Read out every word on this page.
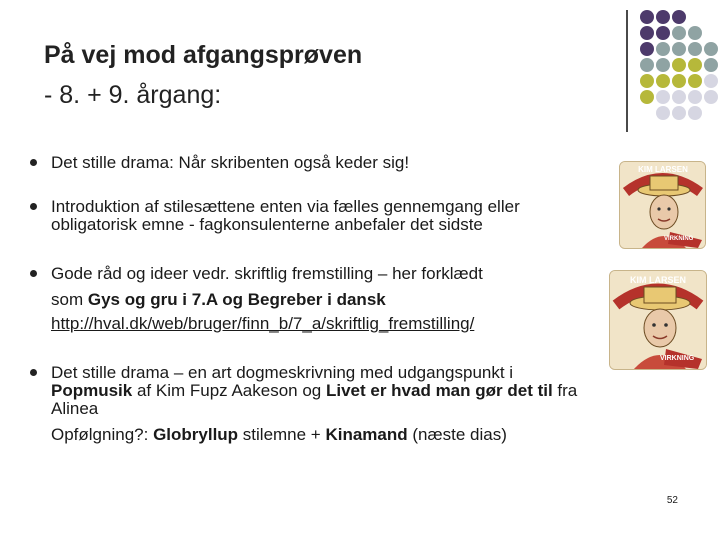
På vej mod afgangsprøven
- 8. + 9. årgang:
Det stille drama: Når skribenten også keder sig!
Introduktion af stilesættene enten via fælles gennemgang eller
obligatorisk emne - fagkonsulenterne anbefaler det sidste
Gode råd og ideer vedr. skriftlig fremstilling – her forklædt
som Gys og gru i 7.A og Begreber i dansk
http://hval.dk/web/bruger/finn_b/7_a/skriftlig_fremstilling/
Det stille drama – en art dogmeskrivning med udgangspunkt i
Popmusik af Kim Fupz Aakeson og Livet er hvad man gør det til fra
Alinea
Opfølgning?: Globryllup stilemne + Kinamand (næste dias)
KIM LARSEN
VIRKNING
KIM LARSEN
VIRKNING
52
